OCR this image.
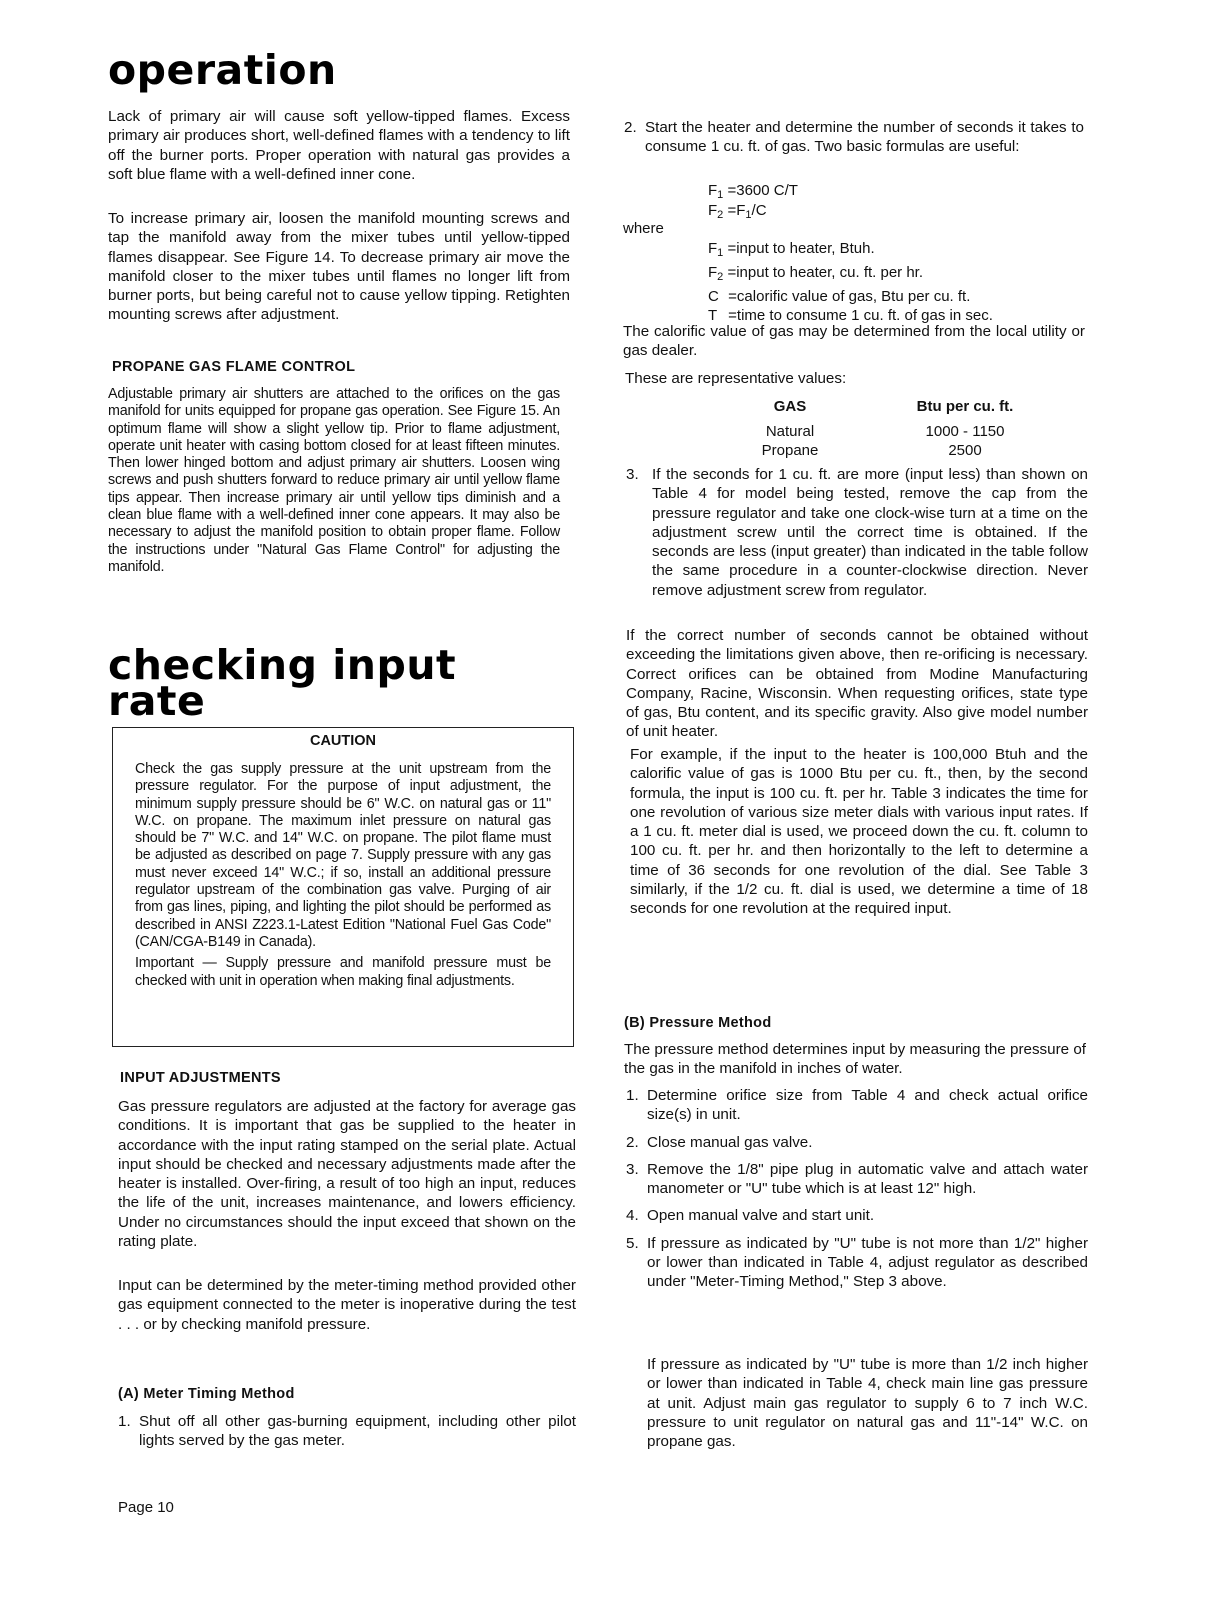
operation

Lack of primary air will cause soft yellow-tipped flames. Excess primary air produces short, well-defined flames with a tendency to lift off the burner ports. Proper operation with natural gas provides a soft blue flame with a well-defined inner cone.

To increase primary air, loosen the manifold mounting screws and tap the manifold away from the mixer tubes until yellow-tipped flames disappear. See Figure 14. To decrease primary air move the manifold closer to the mixer tubes until flames no longer lift from burner ports, but being careful not to cause yellow tipping. Retighten mounting screws after adjustment.

PROPANE GAS FLAME CONTROL

Adjustable primary air shutters are attached to the orifices on the gas manifold for units equipped for propane gas operation. See Figure 15. An optimum flame will show a slight yellow tip. Prior to flame adjustment, operate unit heater with casing bottom closed for at least fifteen minutes. Then lower hinged bottom and adjust primary air shutters. Loosen wing screws and push shutters forward to reduce primary air until yellow flame tips appear. Then increase primary air until yellow tips diminish and a clean blue flame with a well-defined inner cone appears. It may also be necessary to adjust the manifold position to obtain proper flame. Follow the instructions under "Natural Gas Flame Control" for adjusting the manifold.

checking input
rate
CAUTION

Check the gas supply pressure at the unit upstream from the pressure regulator. For the purpose of input adjustment, the minimum supply pressure should be 6" W.C. on natural gas or 11" W.C. on propane. The maximum inlet pressure on natural gas should be 7" W.C. and 14" W.C. on propane. The pilot flame must be adjusted as described on page 7. Supply pressure with any gas must never exceed 14" W.C.; if so, install an additional pressure regulator upstream of the combination gas valve. Purging of air from gas lines, piping, and lighting the pilot should be performed as described in ANSI Z223.1-Latest Edition "National Fuel Gas Code" (CAN/CGA-B149 in Canada).

Important — Supply pressure and manifold pressure must be checked with unit in operation when making final adjustments.

INPUT ADJUSTMENTS

Gas pressure regulators are adjusted at the factory for average gas conditions. It is important that gas be supplied to the heater in accordance with the input rating stamped on the serial plate. Actual input should be checked and necessary adjustments made after the heater is installed. Over-firing, a result of too high an input, reduces the life of the unit, increases maintenance, and lowers efficiency. Under no circumstances should the input exceed that shown on the rating plate.

Input can be determined by the meter-timing method provided other gas equipment connected to the meter is inoperative during the test . . . or by checking manifold pressure.

(A) Meter Timing Method
1. Shut off all other gas-burning equipment, including other pilot lights served by the gas meter.
Page 10
2. Start the heater and determine the number of seconds it takes to consume 1 cu. ft. of gas. Two basic formulas are useful:
$F_1 =3600$ C/T
$F_2 =F_1/C$
where
$F_1$ =input to heater, Btuh.
$F_2$ =input to heater, cu. ft. per hr.
C =calorific value of gas, Btu per cu. ft.
T =time to consume 1 cu. ft. of gas in sec.

The calorific value of gas may be determined from the local utility or gas dealer.

These are representative values:

GAS	Btu per cu. ft.
Natural	1000 - 1150
Propane	2500
3. If the seconds for 1 cu. ft. are more (input less) than shown on Table 4 for model being tested, remove the cap from the pressure regulator and take one clock-wise turn at a time on the adjustment screw until the correct time is obtained. If the seconds are less (input greater) than indicated in the table follow the same procedure in a counter-clockwise direction. Never remove adjustment screw from regulator.

If the correct number of seconds cannot be obtained without exceeding the limitations given above, then re-orificing is necessary. Correct orifices can be obtained from Modine Manufacturing Company, Racine, Wisconsin. When requesting orifices, state type of gas, Btu content, and its specific gravity. Also give model number of unit heater.

For example, if the input to the heater is 100,000 Btuh and the calorific value of gas is 1000 Btu per cu. ft., then, by the second formula, the input is 100 cu. ft. per hr. Table 3 indicates the time for one revolution of various size meter dials with various input rates. If a 1 cu. ft. meter dial is used, we proceed down the cu. ft. column to 100 cu. ft. per hr. and then horizontally to the left to determine a time of 36 seconds for one revolution of the dial. See Table 3 similarly, if the 1/2 cu. ft. dial is used, we determine a time of 18 seconds for one revolution at the required input.

(B) Pressure Method

The pressure method determines input by measuring the pressure of the gas in the manifold in inches of water.

1. Determine orifice size from Table 4 and check actual orifice size(s) in unit.
2. Close manual gas valve.
3. Remove the 1/8" pipe plug in automatic valve and attach water manometer or "U" tube which is at least 12" high.
4. Open manual valve and start unit.
5. If pressure as indicated by "U" tube is not more than 1/2" higher or lower than indicated in Table 4, adjust regulator as described under "Meter-Timing Method," Step 3 above.

If pressure as indicated by "U" tube is more than 1/2 inch higher or lower than indicated in Table 4, check main line gas pressure at unit. Adjust main gas regulator to supply 6 to 7 inch W.C. pressure to unit regulator on natural gas and 11"-14" W.C. on propane gas.
